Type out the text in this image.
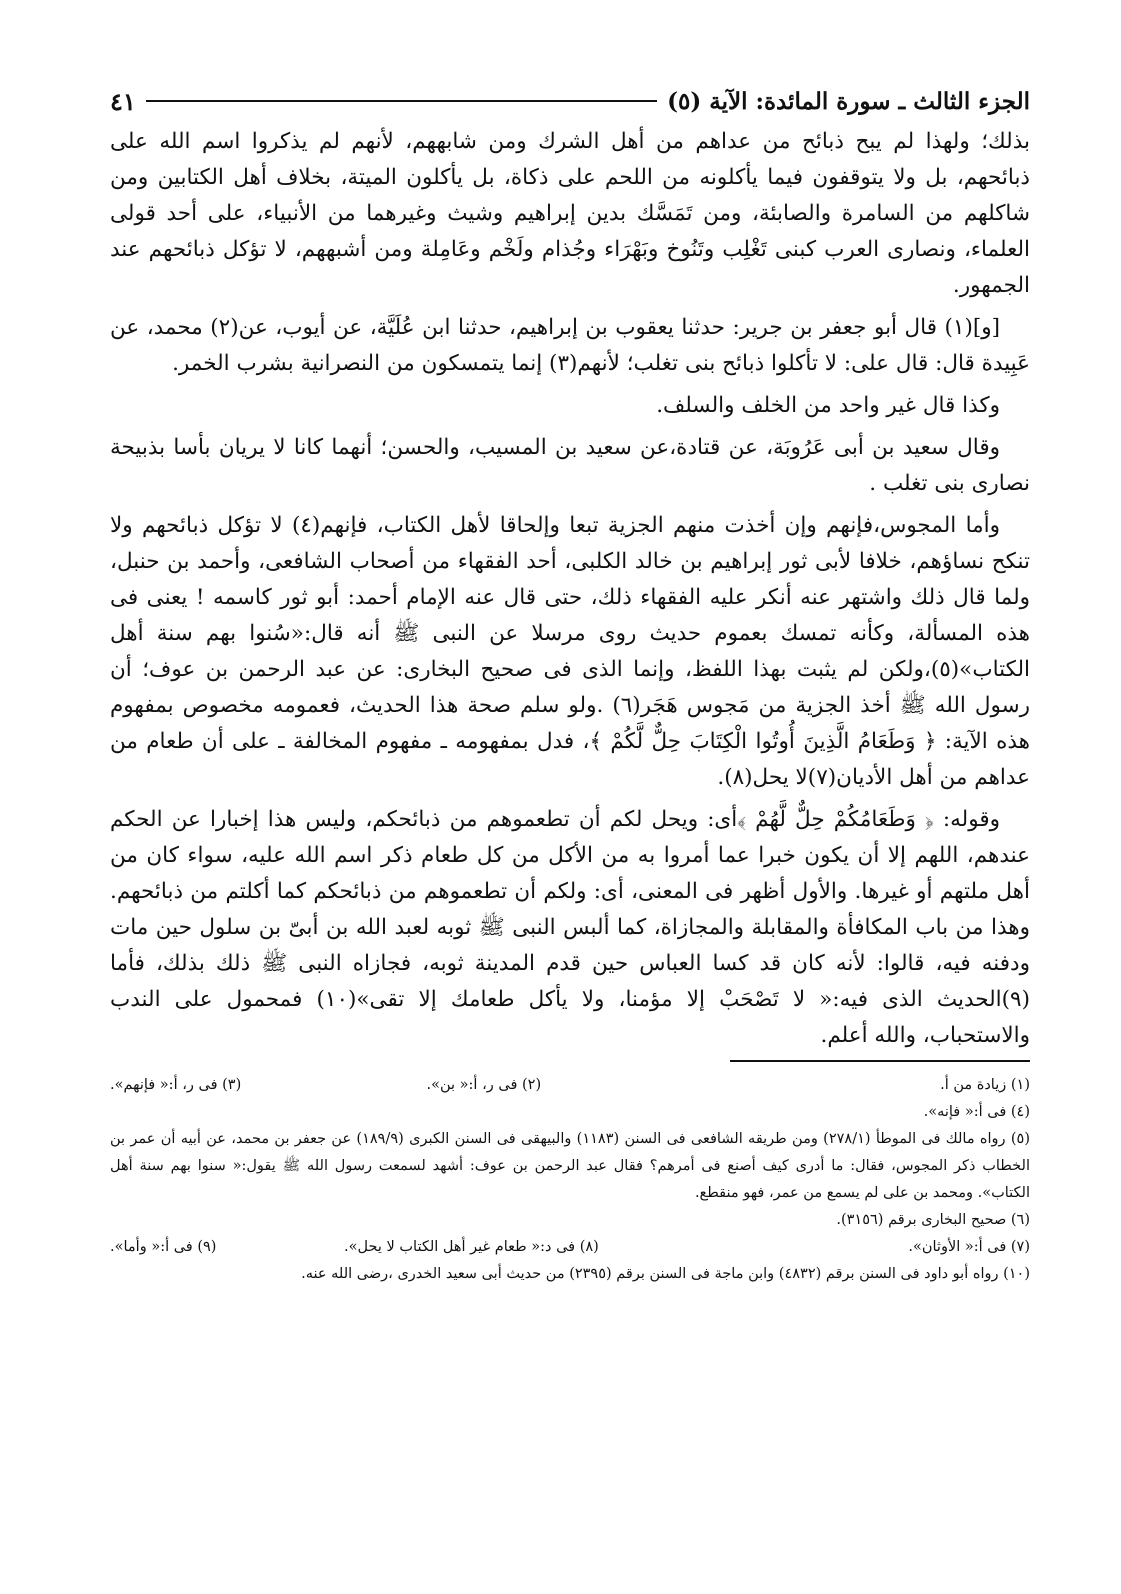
الجزء الثالث ـ سورة المائدة: الآية (٥)
٤١

بذلك؛ ولهذا لم يبح ذبائح من عداهم من أهل الشرك ومن شابههم، لأنهم لم يذكروا اسم الله على ذبائحهم، بل ولا يتوقفون فيما يأكلونه من اللحم على ذكاة، بل يأكلون الميتة، بخلاف أهل الكتابين ومن شاكلهم من السامرة والصابئة، ومن تَمَسَّك بدين إبراهيم وشيث وغيرهما من الأنبياء، على أحد قولى العلماء، ونصارى العرب كبنى تَغْلِب وتَنُوخ وبَهْرَاء وجُذام ولَخْم وعَامِلة ومن أشبههم، لا تؤكل ذبائحهم عند الجمهور.

[و](١) قال أبو جعفر بن جرير: حدثنا يعقوب بن إبراهيم، حدثنا ابن عُلَيَّة، عن أيوب، عن(٢) محمد، عن عَبِيدة قال: قال على: لا تأكلوا ذبائح بنى تغلب؛ لأنهم(٣) إنما يتمسكون من النصرانية بشرب الخمر.

وكذا قال غير واحد من الخلف والسلف.

وقال سعيد بن أبى عَرُوبَة، عن قتادة،عن سعيد بن المسيب، والحسن؛ أنهما كانا لا يريان بأسا بذبيحة نصارى بنى تغلب .

وأما المجوس،فإنهم وإن أخذت منهم الجزية تبعا وإلحاقا لأهل الكتاب، فإنهم(٤) لا تؤكل ذبائحهم ولا تنكح نساؤهم، خلافا لأبى ثور إبراهيم بن خالد الكلبى، أحد الفقهاء من أصحاب الشافعى، وأحمد بن حنبل، ولما قال ذلك واشتهر عنه أنكر عليه الفقهاء ذلك، حتى قال عنه الإمام أحمد: أبو ثور كاسمه ! يعنى فى هذه المسألة، وكأنه تمسك بعموم حديث روى مرسلا عن النبى ﷺ أنه قال:«سُنوا بهم سنة أهل الكتاب»(٥)،ولكن لم يثبت بهذا اللفظ، وإنما الذى فى صحيح البخارى: عن عبد الرحمن بن عوف؛ أن رسول الله ﷺ أخذ الجزية من مَجوس هَجَر(٦) .ولو سلم صحة هذا الحديث، فعمومه مخصوص بمفهوم هذه الآية: ﴿ وَطَعَامُ الَّذِينَ أُوتُوا الْكِتَابَ حِلٌّ لَّكُمْ ﴾، فدل بمفهومه ـ مفهوم المخالفة ـ على أن طعام من عداهم من أهل الأديان(٧)لا يحل(٨).

وقوله: ﴿ وَطَعَامُكُمْ حِلٌّ لَّهُمْ ﴾أى: ويحل لكم أن تطعموهم من ذبائحكم، وليس هذا إخبارا عن الحكم عندهم، اللهم إلا أن يكون خبرا عما أمروا به من الأكل من كل طعام ذكر اسم الله عليه، سواء كان من أهل ملتهم أو غيرها. والأول أظهر فى المعنى، أى: ولكم أن تطعموهم من ذبائحكم كما أكلتم من ذبائحهم. وهذا من باب المكافأة والمقابلة والمجازاة، كما ألبس النبى ﷺ ثوبه لعبد الله بن أبىّ بن سلول حين مات ودفنه فيه، قالوا: لأنه كان قد كسا العباس حين قدم المدينة ثوبه، فجازاه النبى ﷺ ذلك بذلك، فأما (٩)الحديث الذى فيه:« لا تَصْحَبْ إلا مؤمنا، ولا يأكل طعامك إلا تقى»(١٠) فمحمول على الندب والاستحباب، والله أعلم.

(١) زيادة من أ.
(٢) فى ر، أ:« بن».
(٣) فى ر، أ:« فإنهم».

(٤) فى أ:« فإنه».

(٥) رواه مالك فى الموطأ (٢٧٨/١) ومن طريقه الشافعى فى السنن (١١٨٣) والبيهقى فى السنن الكبرى (١٨٩/٩) عن جعفر بن محمد، عن أبيه أن عمر بن الخطاب ذكر المجوس، فقال: ما أدرى كيف أصنع فى أمرهم؟ فقال عبد الرحمن بن عوف: أشهد لسمعت رسول الله ﷺ يقول:« سنوا بهم سنة أهل الكتاب». ومحمد بن على لم يسمع من عمر، فهو منقطع.

(٦) صحيح البخارى برقم (٣١٥٦).

(٧) فى أ:« الأوثان».
(٨) فى د:« طعام غير أهل الكتاب لا يحل».
(٩) فى أ:« وأما».

(١٠) رواه أبو داود فى السنن برقم (٤٨٣٢) وابن ماجة فى السنن برقم (٢٣٩٥) من حديث أبى سعيد الخدرى ،رضى الله عنه.
